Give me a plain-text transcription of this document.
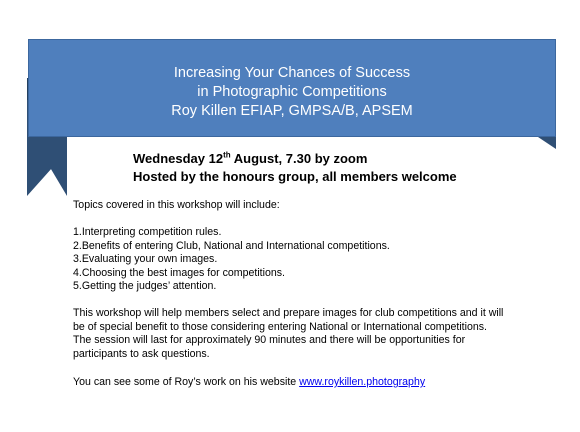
Increasing Your Chances of Success
in Photographic Competitions
Roy Killen EFIAP, GMPSA/B, APSEM
Wednesday 12th August, 7.30 by zoom
Hosted by the honours group, all members welcome

Topics covered in this workshop will include:

1.Interpreting competition rules.

2.Benefits of entering Club, National and International competitions.

3.Evaluating your own images.

4.Choosing the best images for competitions.

5.Getting the judges’ attention.

This workshop will help members select and prepare images for club competitions and it will

be of special benefit to those considering entering National or International competitions.

The session will last for approximately 90 minutes and there will be opportunities for

participants to ask questions.

You can see some of Roy’s work on his website www.roykillen.photography
